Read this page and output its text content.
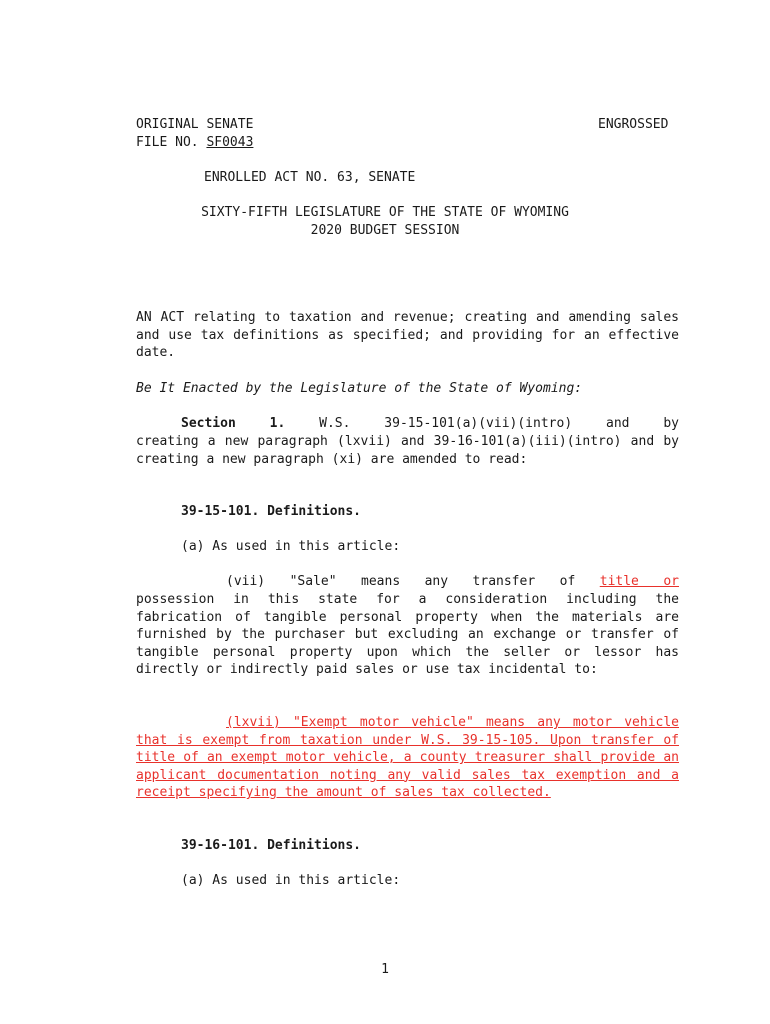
ORIGINAL SENATE	ENGROSSED
FILE NO. SF0043
ENROLLED ACT NO. 63, SENATE
SIXTY-FIFTH LEGISLATURE OF THE STATE OF WYOMING
2020 BUDGET SESSION
AN ACT relating to taxation and revenue; creating and amending sales and use tax definitions as specified; and providing for an effective date.
Be It Enacted by the Legislature of the State of Wyoming:
Section 1. W.S. 39-15-101(a)(vii)(intro) and by
creating a new paragraph (lxvii) and 39-16-101(a)(iii)(intro) and by creating a new paragraph (xi) are amended to read:
39-15-101. Definitions.
(a) As used in this article:
(vii) "Sale" means any transfer of title or
possession in this state for a consideration including the fabrication of tangible personal property when the materials are furnished by the purchaser but excluding an exchange or transfer of tangible personal property upon which the seller or lessor has directly or indirectly paid sales or use tax incidental to:
(lxvii) "Exempt motor vehicle" means any motor vehicle that is exempt from taxation under W.S. 39-15-105. Upon transfer of title of an exempt motor vehicle, a county treasurer shall provide an applicant documentation noting any valid sales tax exemption and a receipt specifying the amount of sales tax collected.
39-16-101. Definitions.
(a) As used in this article:
1
